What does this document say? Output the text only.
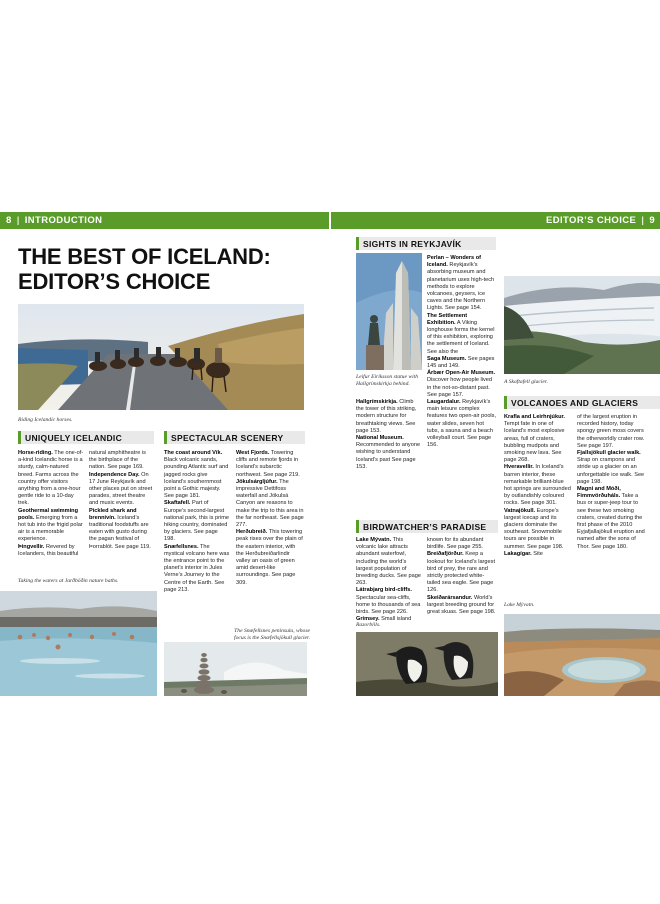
8 | INTRODUCTION	EDITOR’S CHOICE | 9
THE BEST OF ICELAND:
EDITOR’S CHOICE
Riding Icelandic horses.
UNIQUELY ICELANDIC

Horse-riding. The one-of-a-kind Icelandic horse is a sturdy, calm-natured breed. Farms across the country offer visitors anything from a one-hour gentle ride to a 10-day trek.

Geothermal swimming pools. Emerging from a hot tub into the frigid polar air is a memorable experience.

Þingvellir. Revered by Icelanders, this beautiful

natural amphitheatre is the birthplace of the nation. See page 169.

Independence Day. On 17 June Reykjavík and other places put on street parades, street theatre and music events.

Pickled shark and brennivín. Iceland’s traditional foodstuffs are eaten with gusto during the pagan festival of Þorrablót. See page 119.

Taking the waters at Jarðböðin nature baths.
SPECTACULAR SCENERY

The coast around Vík. Black volcanic sands, pounding Atlantic surf and jagged rocks give Iceland’s southernmost point a Gothic majesty. See page 181.

Skaftafell. Part of Europe’s second-largest national park, this is prime hiking country, dominated by glaciers. See page 198.

Snæfellsnes. The mystical volcano here was the entrance point to the planet’s interior in Jules Verne’s Journey to the Centre of the Earth. See page 213.

West Fjords. Towering cliffs and remote fjords in Iceland’s subarctic northwest. See page 219.

Jökulsárgljúfur. The impressive Dettifoss waterfall and Jökulsá Canyon are reasons to make the trip to this area in the far northeast. See page 277.

Herðubreið. This towering peak rises over the plain of the eastern interior, with the Herðubreiðarlindir valley an oasis of green amid desert-like surroundings. See page 309.

The Snæfellsnes peninsula, whose
focus is the Snæfellsjökull glacier.
SIGHTS IN REYKJAVÍK
Leifur Eiríksson statue with
Hallgrímskirkja behind.

Hallgrímskirkja. Climb the tower of this striking, modern structure for breathtaking views. See page 153.

National Museum. Recommended to anyone wishing to understand Iceland’s past See page 153.

Perlan – Wonders of Iceland. Reykjavík’s absorbing museum and planetarium uses high-tech methods to explore volcanoes, geysers, ice caves and the Northern Lights. See page 154.

The Settlement Exhibition. A Viking longhouse forms the kernel of this exhibition, exploring the settlement of Iceland. See also the

Saga Museum. See pages 145 and 149.

Árbær Open-Air Museum. Discover how people lived in the not-so-distant past. See page 157.

Laugardalur. Reykjavík’s main leisure complex features two open-air pools, water slides, seven hot tubs, a sauna and a beach volleyball court. See page 156.

A Skaftafell glacier.
BIRDWATCHER’S PARADISE

Lake Mývatn. This volcanic lake attracts abundant waterfowl, including the world’s largest population of breeding ducks. See page 263.

Látrabjarg bird-cliffs. Spectacular sea-cliffs, home to thousands of sea birds. See page 226.

Grímsey. Small island

known for its abundant birdlife. See page 255.

Breiðafjörður. Keep a lookout for Iceland’s largest bird of prey, the rare and strictly protected white-tailed sea eagle. See page 126.

Skeiðarársandur. World’s largest breeding ground for great skuas. See page 198.

Razorbills.
VOLCANOES AND GLACIERS

Krafla and Leirhnjúkur. Tempt fate in one of Iceland’s most explosive areas, full of craters, bubbling mudpots and smoking new lava. See page 268.

Hveravellir. In Iceland’s barren interior, these remarkable brilliant-blue hot springs are surrounded by outlandishly coloured rocks. See page 301.

Vatnajökull. Europe’s largest icecap and its glaciers dominate the southeast. Snowmobile tours are possible in summer. See page 198.

Lakagígar. Site

of the largest eruption in recorded history, today spongy green moss covers the otherworldly crater row. See page 197.

Fjallsjökull glacier walk. Strap on crampons and stride up a glacier on an unforgettable ice walk. See page 198.

Magni and Móði, Fimmvörðuháls. Take a bus or super-jeep tour to see these two smoking craters, created during the first phase of the 2010 Eyjafjallajökull eruption and named after the sons of Thor. See page 180.

Lake Mývatn.
